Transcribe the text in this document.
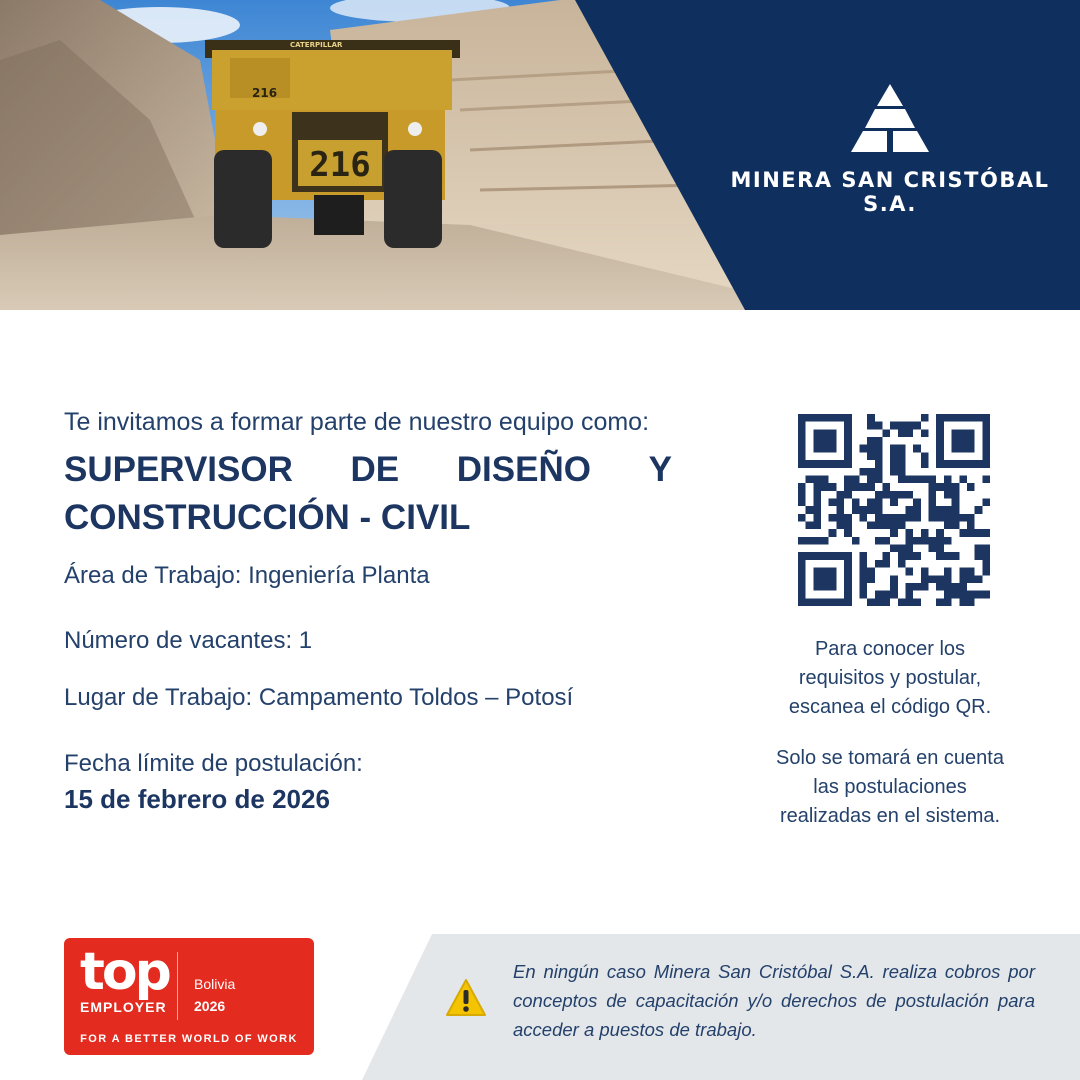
216
216
CATERPILLAR
MINERA SAN CRISTÓBAL S.A.
Te invitamos a formar parte de nuestro equipo como:
SUPERVISOR DE DISEÑO Y
CONSTRUCCIÓN - CIVIL
Área de Trabajo: Ingeniería Planta
Número de vacantes: 1
Lugar de Trabajo: Campamento Toldos – Potosí
Fecha límite de postulación:
15 de febrero de 2026
Para conocer los
requisitos y postular,
escanea el código QR.
Solo se tomará en cuenta
las postulaciones
realizadas en el sistema.
top
EMPLOYER
Bolivia
2026
FOR A BETTER WORLD OF WORK
En ningún caso Minera San Cristóbal S.A. realiza cobros por conceptos de capacitación y/o derechos de postulación para acceder a puestos de trabajo.
